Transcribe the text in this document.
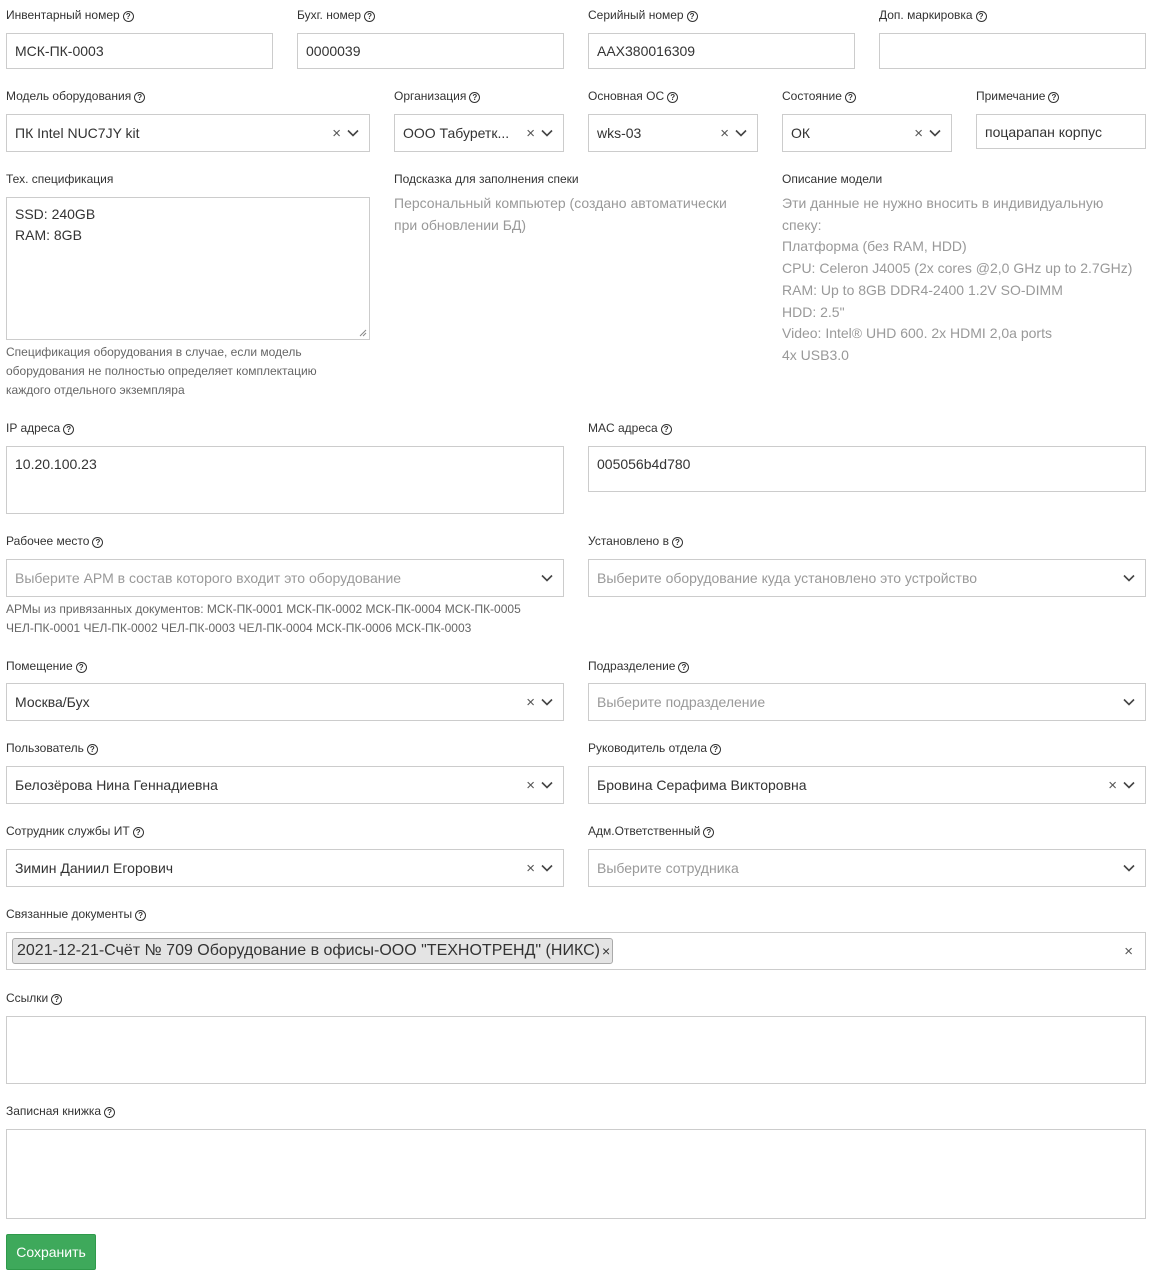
Инвентарный номер ?
МСК-ПК-0003
Бухг. номер ?
0000039
Серийный номер ?
AAX380016309
Доп. маркировка ?
Модель оборудования ?
ПК Intel NUC7JY kit	×
Организация ?
ООО Табуретк...	×
Основная ОС ?
wks-03	×
Состояние ?
ОК	×
Примечание ?
поцарапан корпус
Тех. спецификация
SSD: 240GB
RAM: 8GB
Спецификация оборудования в случае, если модель
оборудования не полностью определяет комплектацию
каждого отдельного экземпляра
Подсказка для заполнения спеки
Персональный компьютер (создано автоматически
при обновлении БД)
Описание модели
Эти данные не нужно вносить в индивидуальную
спеку:
Платформа (без RAM, HDD)
CPU: Celeron J4005 (2x cores @2,0 GHz up to 2.7GHz)
RAM: Up to 8GB DDR4-2400 1.2V SO-DIMM
HDD: 2.5"
Video: Intel® UHD 600. 2x HDMI 2,0a ports
4x USB3.0
IP адреса ?
10.20.100.23
MAC адреса ?
005056b4d780
Рабочее место ?
Выберите АРМ в состав которого входит это оборудование
АРМы из привязанных документов: МСК-ПК-0001 МСК-ПК-0002 МСК-ПК-0004 МСК-ПК-0005
ЧЕЛ-ПК-0001 ЧЕЛ-ПК-0002 ЧЕЛ-ПК-0003 ЧЕЛ-ПК-0004 МСК-ПК-0006 МСК-ПК-0003
Установлено в ?
Выберите оборудование куда установлено это устройство
Помещение ?
Москва/Бух	×
Подразделение ?
Выберите подразделение
Пользователь ?
Белозёрова Нина Геннадиевна	×
Руководитель отдела ?
Бровина Серафима Викторовна	×
Сотрудник службы ИТ ?
Зимин Даниил Егорович	×
Адм.Ответственный ?
Выберите сотрудника
Связанные документы ?
2021-12-21-Счёт № 709 Оборудование в офисы-ООО "ТЕХНОТРЕНД" (НИКС) ×	×
Ссылки ?
Записная книжка ?
Сохранить
